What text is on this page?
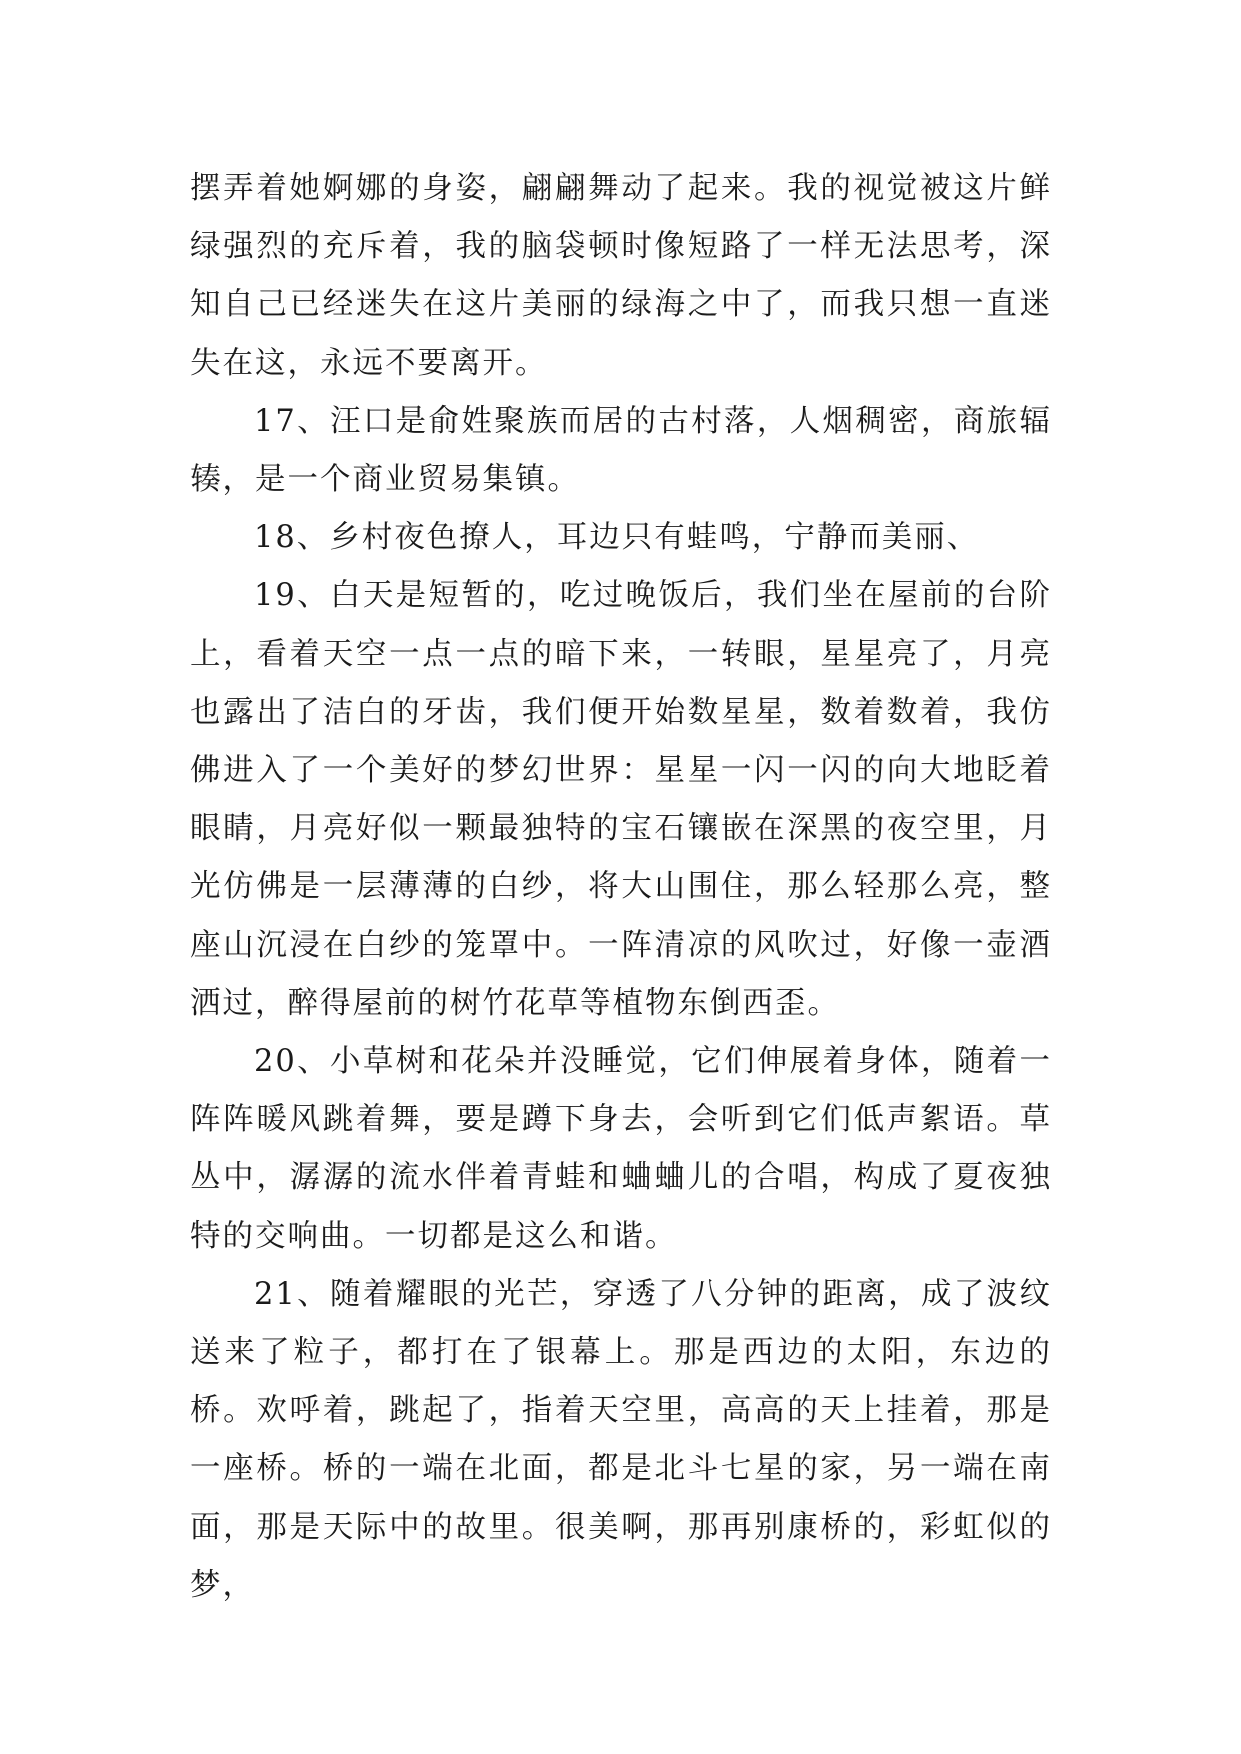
摆弄着她婀娜的身姿，翩翩舞动了起来。我的视觉被这片鲜绿强烈的充斥着，我的脑袋顿时像短路了一样无法思考，深知自己已经迷失在这片美丽的绿海之中了，而我只想一直迷失在这，永远不要离开。

17、汪口是俞姓聚族而居的古村落，人烟稠密，商旅辐辏，是一个商业贸易集镇。

18、乡村夜色撩人，耳边只有蛙鸣，宁静而美丽、

19、白天是短暂的，吃过晚饭后，我们坐在屋前的台阶上，看着天空一点一点的暗下来，一转眼，星星亮了，月亮也露出了洁白的牙齿，我们便开始数星星，数着数着，我仿佛进入了一个美好的梦幻世界：星星一闪一闪的向大地眨着眼睛，月亮好似一颗最独特的宝石镶嵌在深黑的夜空里，月光仿佛是一层薄薄的白纱，将大山围住，那么轻那么亮，整座山沉浸在白纱的笼罩中。一阵清凉的风吹过，好像一壶酒洒过，醉得屋前的树竹花草等植物东倒西歪。

20、小草树和花朵并没睡觉，它们伸展着身体，随着一阵阵暖风跳着舞，要是蹲下身去，会听到它们低声絮语。草丛中，潺潺的流水伴着青蛙和蛐蛐儿的合唱，构成了夏夜独特的交响曲。一切都是这么和谐。

21、随着耀眼的光芒，穿透了八分钟的距离，成了波纹送来了粒子，都打在了银幕上。那是西边的太阳，东边的桥。欢呼着，跳起了，指着天空里，高高的天上挂着，那是一座桥。桥的一端在北面，都是北斗七星的家，另一端在南面，那是天际中的故里。很美啊，那再别康桥的，彩虹似的梦，
